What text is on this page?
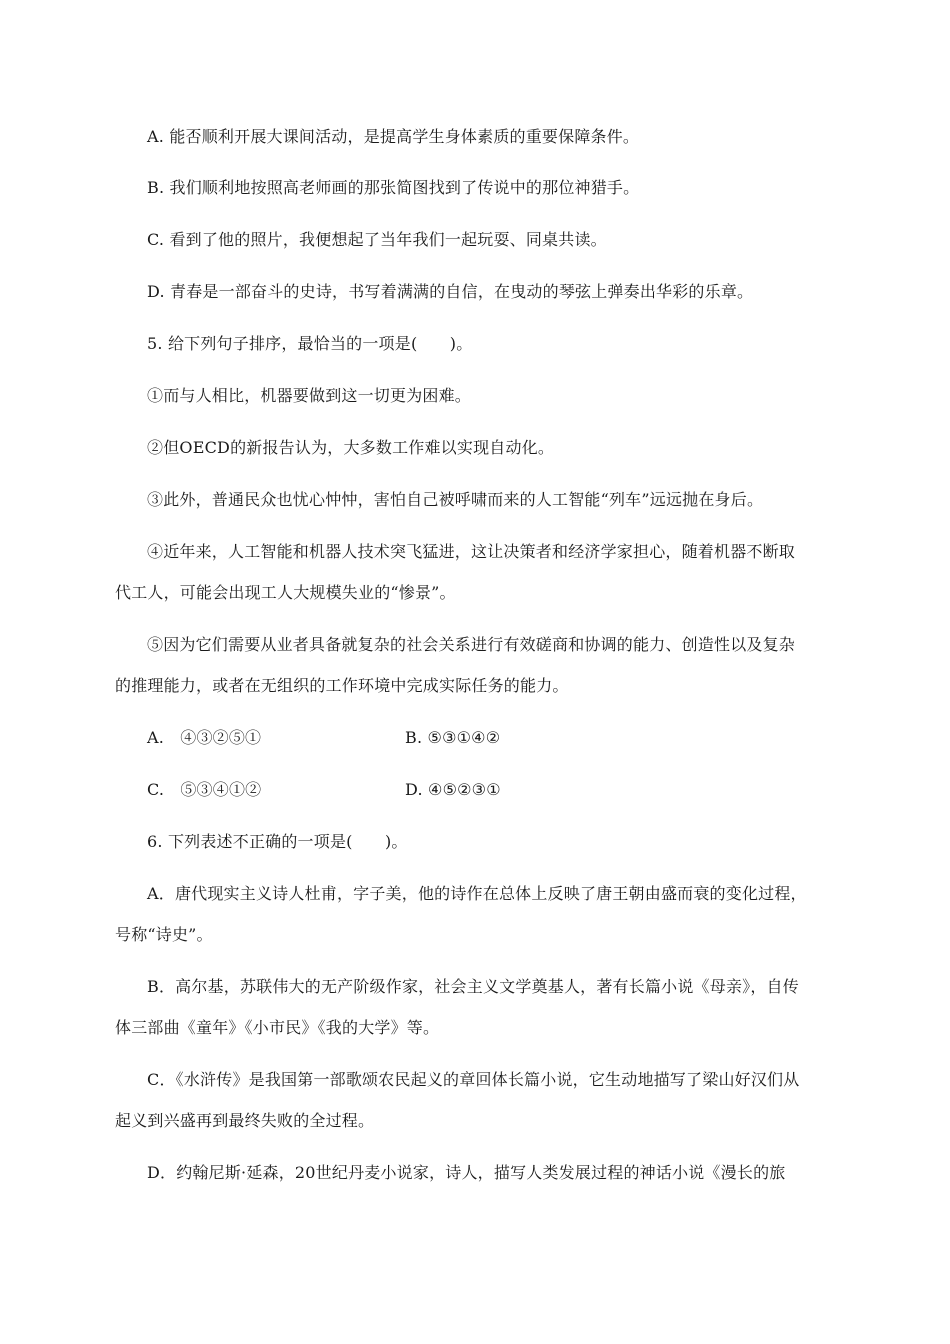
A. 能否顺利开展大课间活动，是提高学生身体素质的重要保障条件。
B. 我们顺利地按照高老师画的那张简图找到了传说中的那位神猎手。
C. 看到了他的照片，我便想起了当年我们一起玩耍、同桌共读。
D. 青春是一部奋斗的史诗，书写着满满的自信，在曳动的琴弦上弹奏出华彩的乐章。
5. 给下列句子排序，最恰当的一项是(　　)。
①而与人相比，机器要做到这一切更为困难。
②但OECD的新报告认为，大多数工作难以实现自动化。
③此外，普通民众也忧心忡忡，害怕自己被呼啸而来的人工智能“列车”远远抛在身后。
④近年来，人工智能和机器人技术突飞猛进，这让决策者和经济学家担心，随着机器不断取
代工人，可能会出现工人大规模失业的“惨景”。
⑤因为它们需要从业者具备就复杂的社会关系进行有效磋商和协调的能力、创造性以及复杂
的推理能力，或者在无组织的工作环境中完成实际任务的能力。
A.　④③②⑤①	B. ⑤③①④②
C.　⑤③④①②	D. ④⑤②③①
6. 下列表述不正确的一项是(　　)。
A．唐代现实主义诗人杜甫，字子美，他的诗作在总体上反映了唐王朝由盛而衰的变化过程，
号称“诗史”。
B．高尔基，苏联伟大的无产阶级作家，社会主义文学奠基人，著有长篇小说《母亲》，自传
体三部曲《童年》《小市民》《我的大学》等。
C．《水浒传》是我国第一部歌颂农民起义的章回体长篇小说，它生动地描写了梁山好汉们从
起义到兴盛再到最终失败的全过程。
D．约翰尼斯·延森，20世纪丹麦小说家，诗人，描写人类发展过程的神话小说《漫长的旅
